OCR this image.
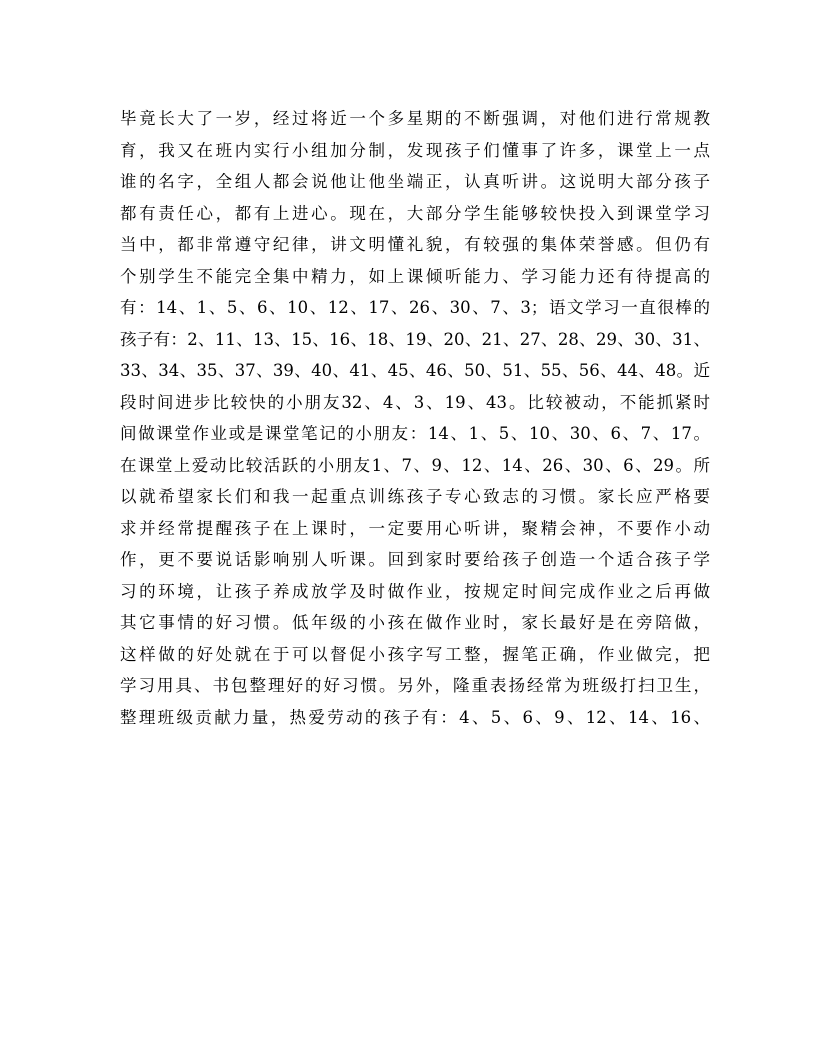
毕竟长大了一岁，经过将近一个多星期的不断强调，对他们进行常规教
育，我又在班内实行小组加分制，发现孩子们懂事了许多，课堂上一点
谁的名字，全组人都会说他让他坐端正，认真听讲。这说明大部分孩子
都有责任心，都有上进心。现在，大部分学生能够较快投入到课堂学习
当中，都非常遵守纪律，讲文明懂礼貌，有较强的集体荣誉感。但仍有
个别学生不能完全集中精力，如上课倾听能力、学习能力还有待提高的
有：14、1、5、6、10、12、17、26、30、7、3；语文学习一直很棒的
孩子有：2、11、13、15、16、18、19、20、21、27、28、29、30、31、
33、34、35、37、39、40、41、45、46、50、51、55、56、44、48。近
段时间进步比较快的小朋友32、4、3、19、43。比较被动，不能抓紧时
间做课堂作业或是课堂笔记的小朋友：14、1、5、10、30、6、7、17。
在课堂上爱动比较活跃的小朋友1、7、9、12、14、26、30、6、29。所
以就希望家长们和我一起重点训练孩子专心致志的习惯。家长应严格要
求并经常提醒孩子在上课时，一定要用心听讲，聚精会神，不要作小动
作，更不要说话影响别人听课。回到家时要给孩子创造一个适合孩子学
习的环境，让孩子养成放学及时做作业，按规定时间完成作业之后再做
其它事情的好习惯。低年级的小孩在做作业时，家长最好是在旁陪做，
这样做的好处就在于可以督促小孩字写工整，握笔正确，作业做完，把
学习用具、书包整理好的好习惯。另外，隆重表扬经常为班级打扫卫生，
整理班级贡献力量，热爱劳动的孩子有：4、5、6、9、12、14、16、
